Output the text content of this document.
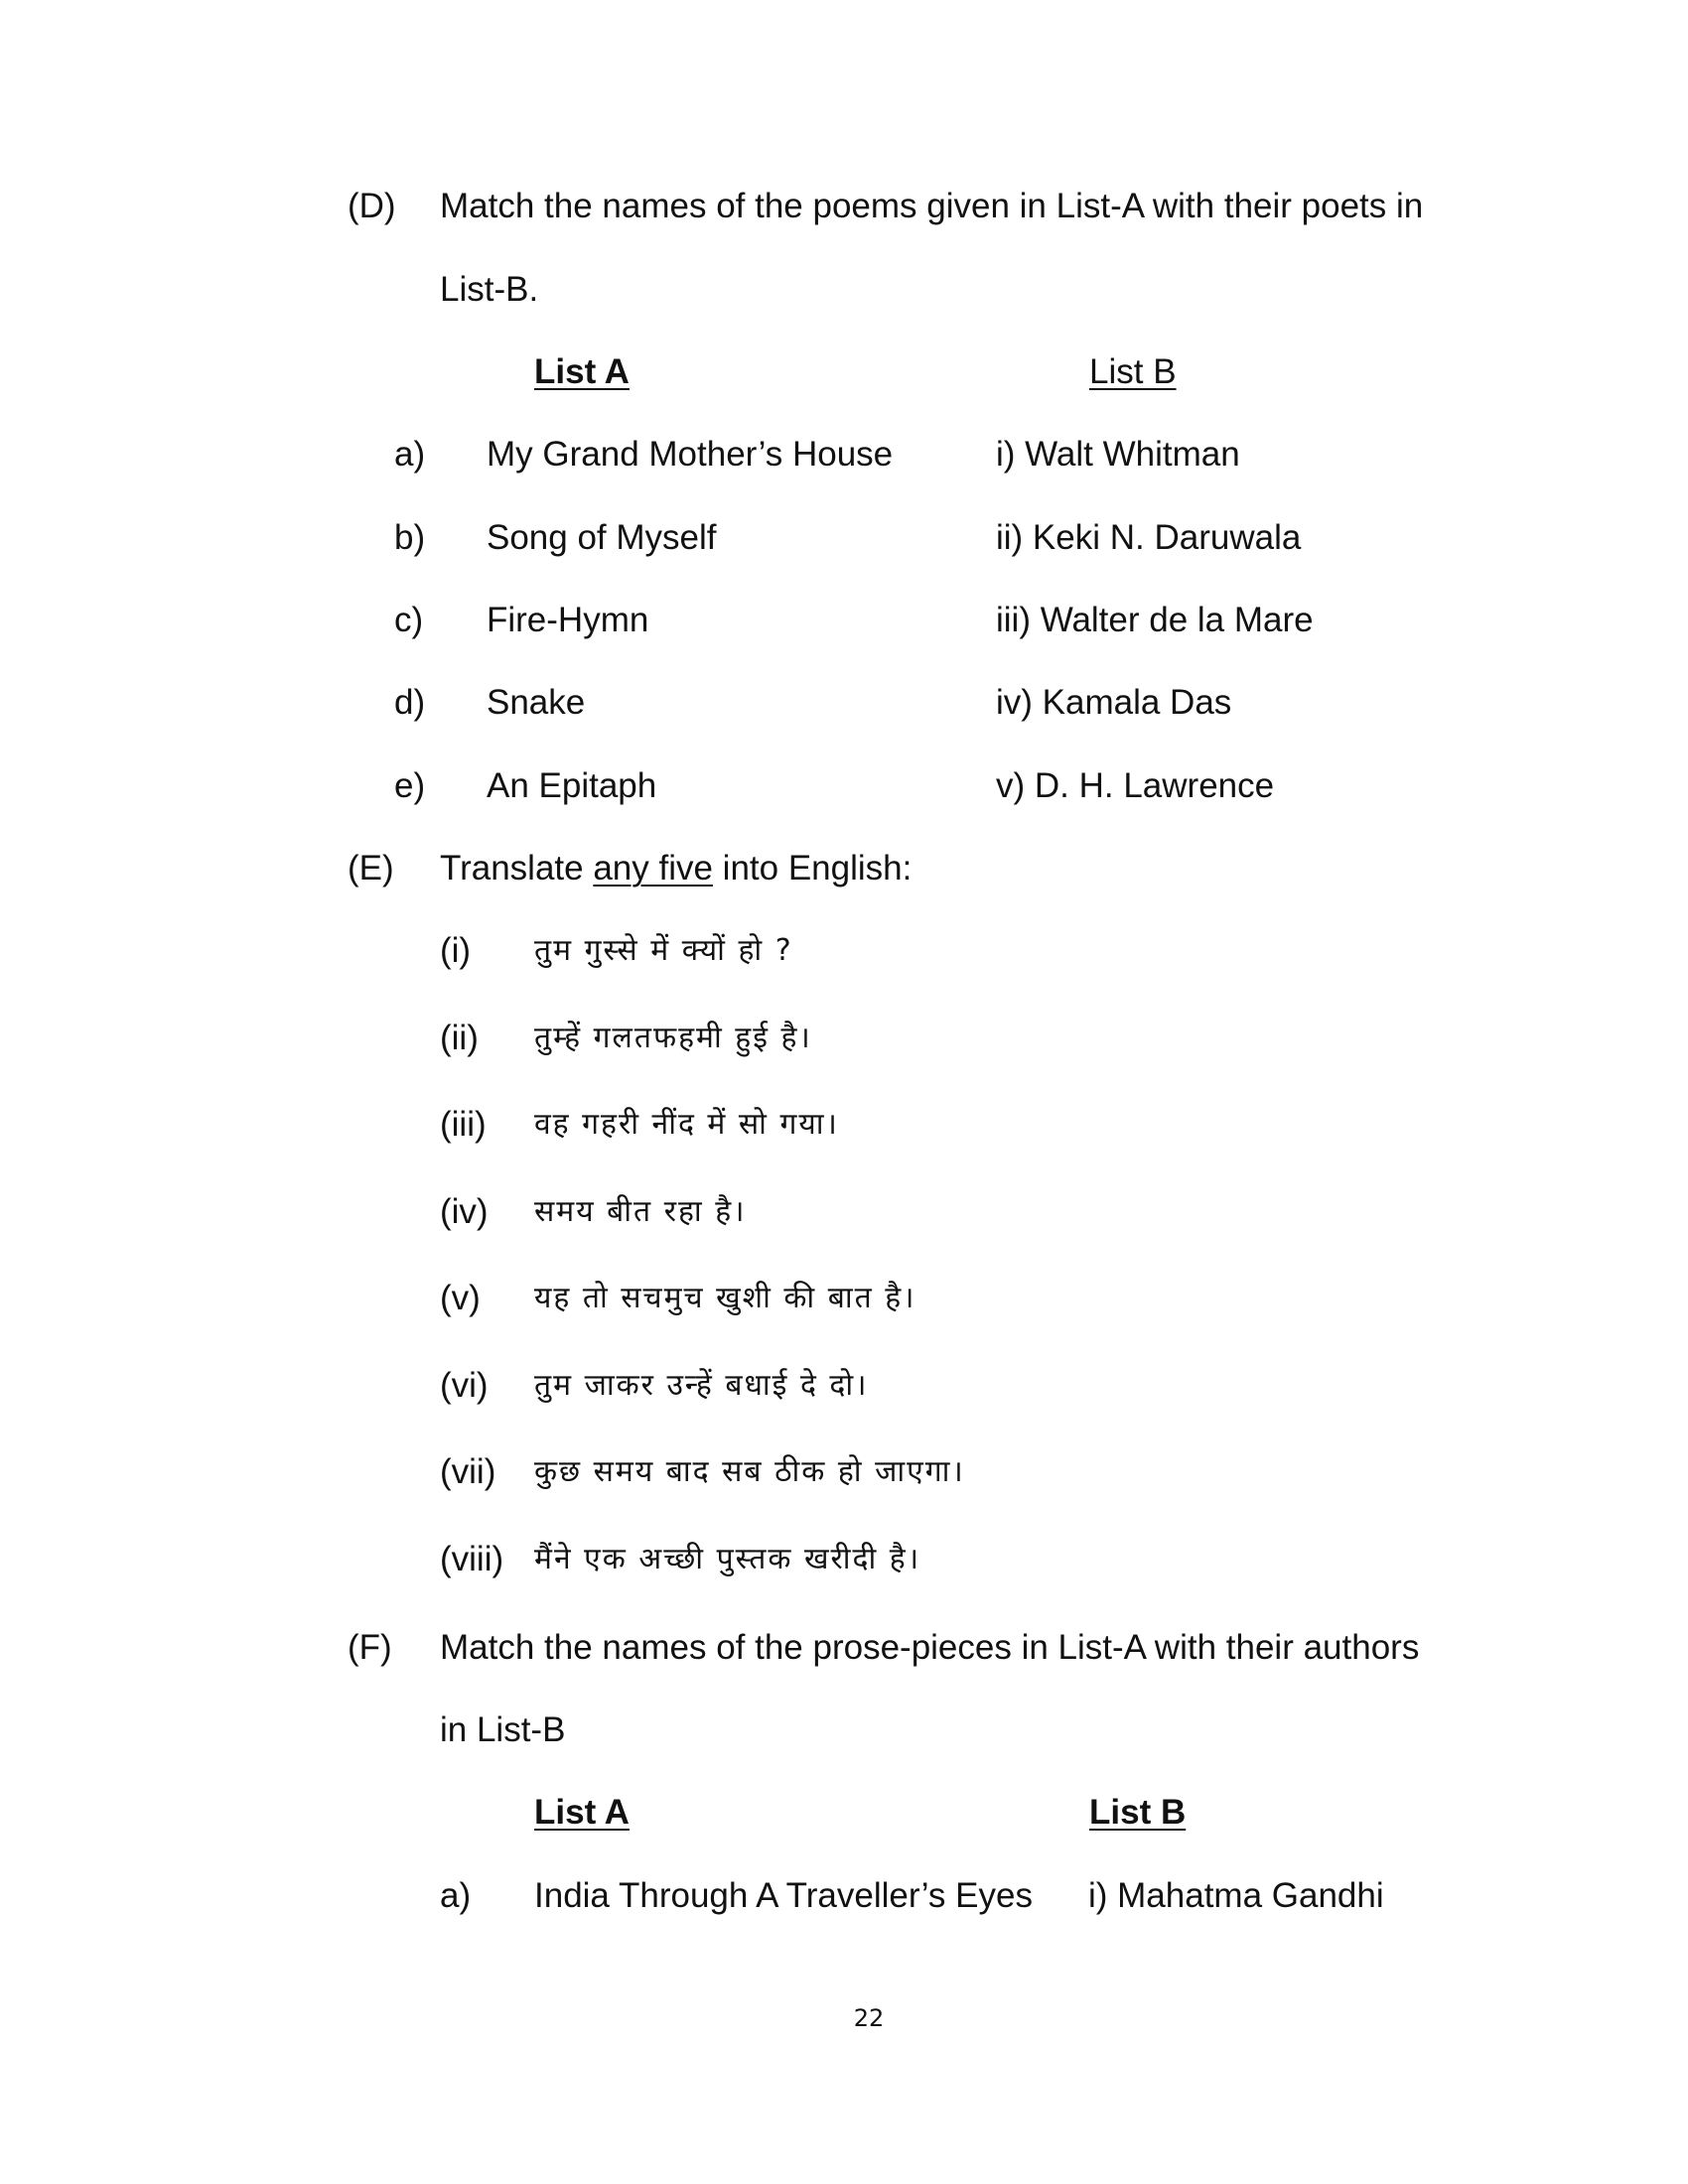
(D) Match the names of the poems given in List-A with their poets in
List-B.
List A	List B
a) My Grand Mother’s House
b) Song of Myself
c) Fire-Hymn
d) Snake
e) An Epitaph
i) Walt Whitman
ii) Keki N. Daruwala
iii) Walter de la Mare
iv) Kamala Das
v) D. H. Lawrence
(E) Translate any five into English:
(i) तुम गुस्से में क्यों हो ?
(ii) तुम्हें गलतफहमी हुई है।
(iii) वह गहरी नींद में सो गया।
(iv) समय बीत रहा है।
(v) यह तो सचमुच खुशी की बात है।
(vi) तुम जाकर उन्हें बधाई दे दो।
(vii) कुछ समय बाद सब ठीक हो जाएगा।
(viii) मैंने एक अच्छी पुस्तक खरीदी है।
(F) Match the names of the prose-pieces in List-A with their authors
in List-B
List A	List B
a) India Through A Traveller’s Eyes i) Mahatma Gandhi
22
